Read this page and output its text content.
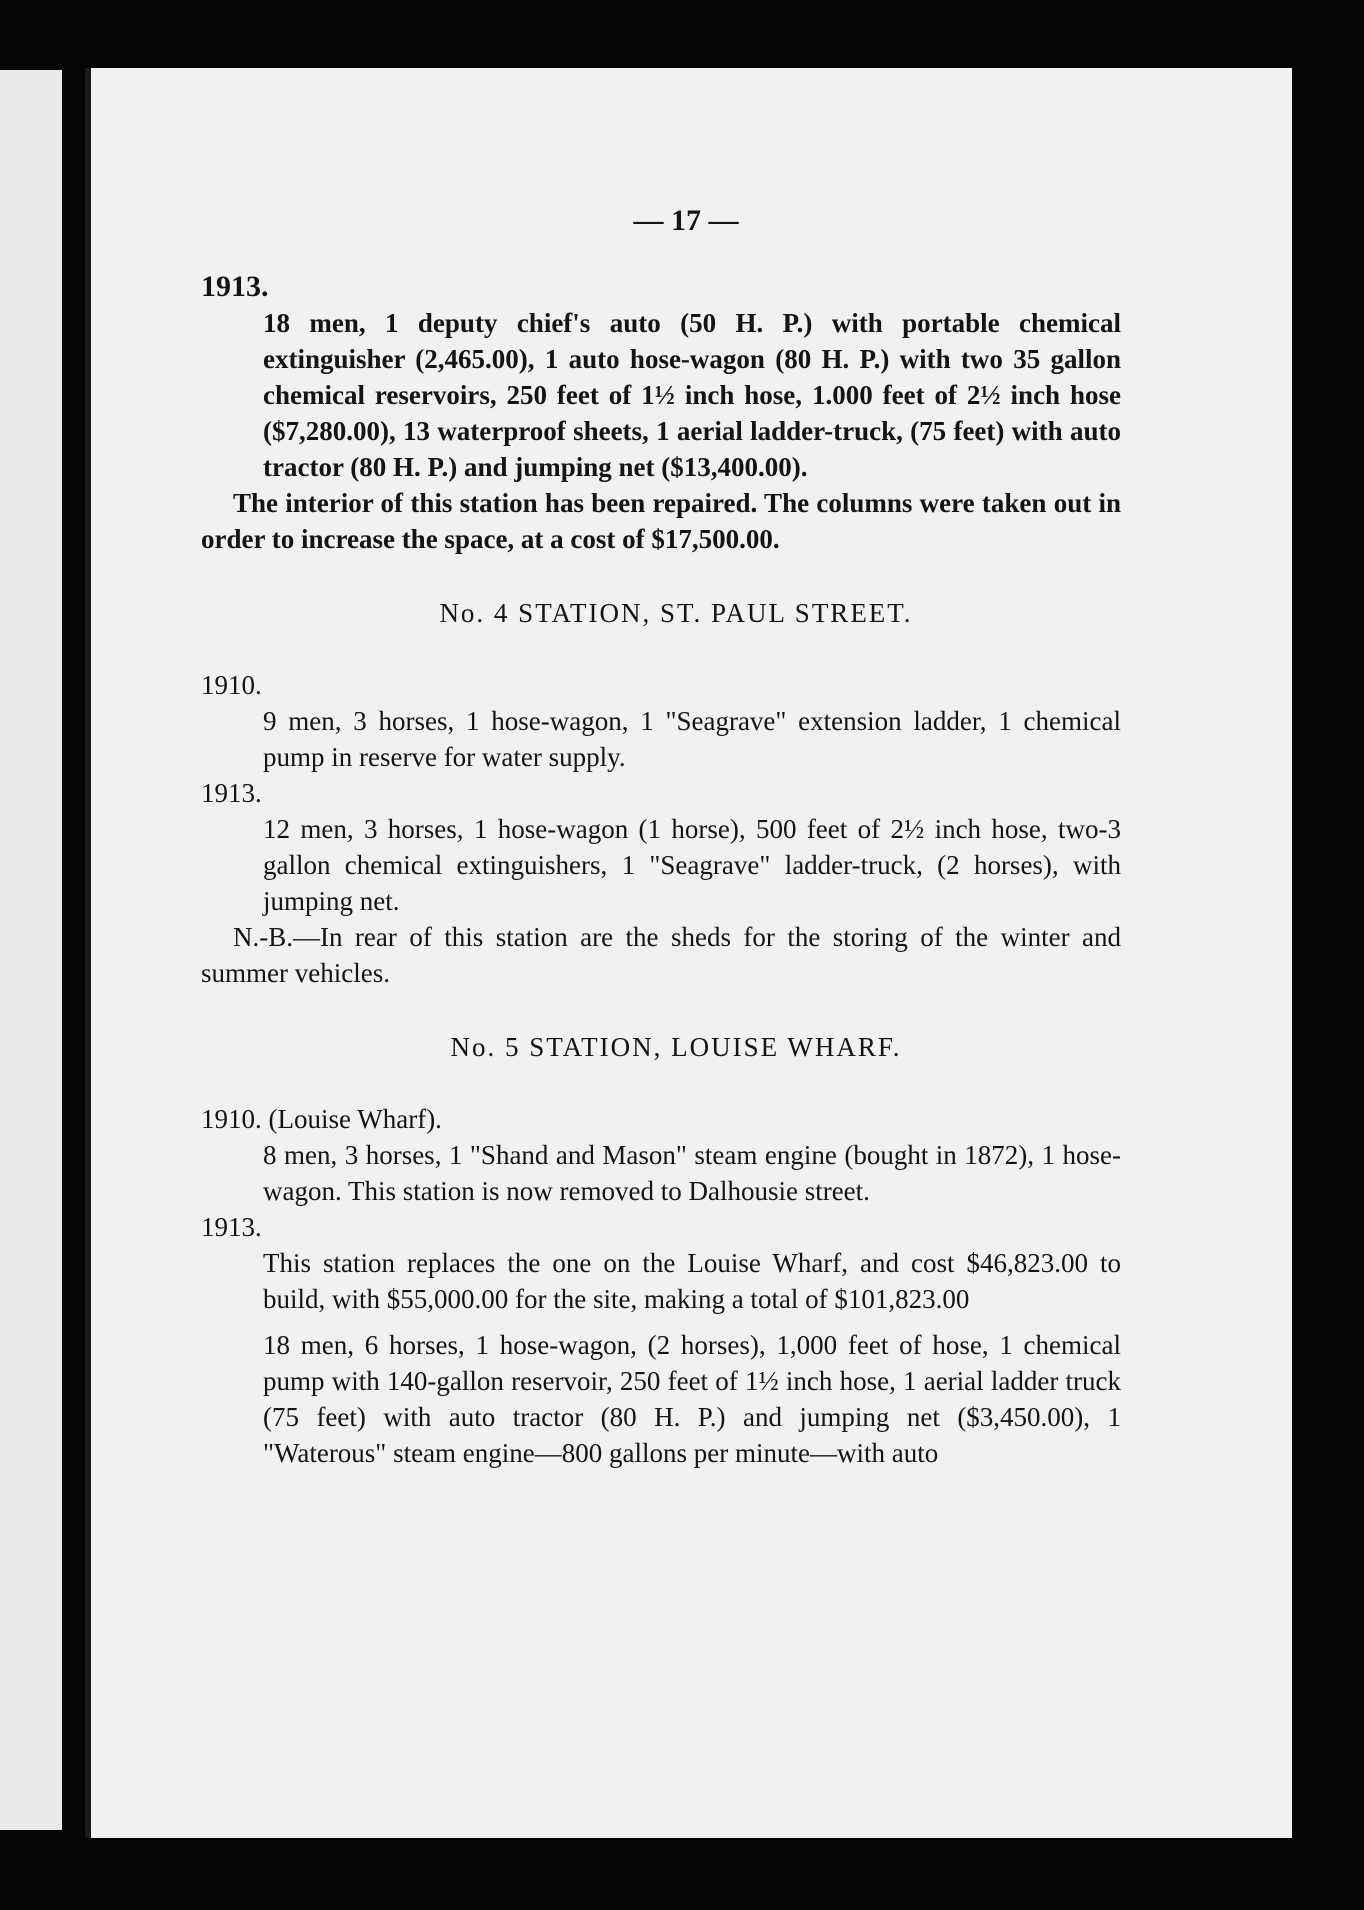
— 17 —

1913.

18 men, 1 deputy chief's auto (50 H. P.) with portable chemical extinguisher (2,465.00), 1 auto hose-wagon (80 H. P.) with two 35 gallon chemical reservoirs, 250 feet of 1½ inch hose, 1.000 feet of 2½ inch hose ($7,280.00), 13 waterproof sheets, 1 aerial ladder-truck, (75 feet) with auto tractor (80 H. P.) and jumping net ($13,400.00).

The interior of this station has been repaired. The columns were taken out in order to increase the space, at a cost of $17,500.00.

No. 4 STATION, ST. PAUL STREET.

1910.

9 men, 3 horses, 1 hose-wagon, 1 "Seagrave" extension ladder, 1 chemical pump in reserve for water supply.

1913.

12 men, 3 horses, 1 hose-wagon (1 horse), 500 feet of 2½ inch hose, two-3 gallon chemical extinguishers, 1 "Seagrave" ladder-truck, (2 horses), with jumping net.

N.-B.—In rear of this station are the sheds for the storing of the winter and summer vehicles.

No. 5 STATION, LOUISE WHARF.

1910. (Louise Wharf).

8 men, 3 horses, 1 "Shand and Mason" steam engine (bought in 1872), 1 hose-wagon. This station is now removed to Dalhousie street.

1913.

This station replaces the one on the Louise Wharf, and cost $46,823.00 to build, with $55,000.00 for the site, making a total of $101,823.00

18 men, 6 horses, 1 hose-wagon, (2 horses), 1,000 feet of hose, 1 chemical pump with 140-gallon reservoir, 250 feet of 1½ inch hose, 1 aerial ladder truck (75 feet) with auto tractor (80 H. P.) and jumping net ($3,450.00), 1 "Waterous" steam engine—800 gallons per minute—with auto
